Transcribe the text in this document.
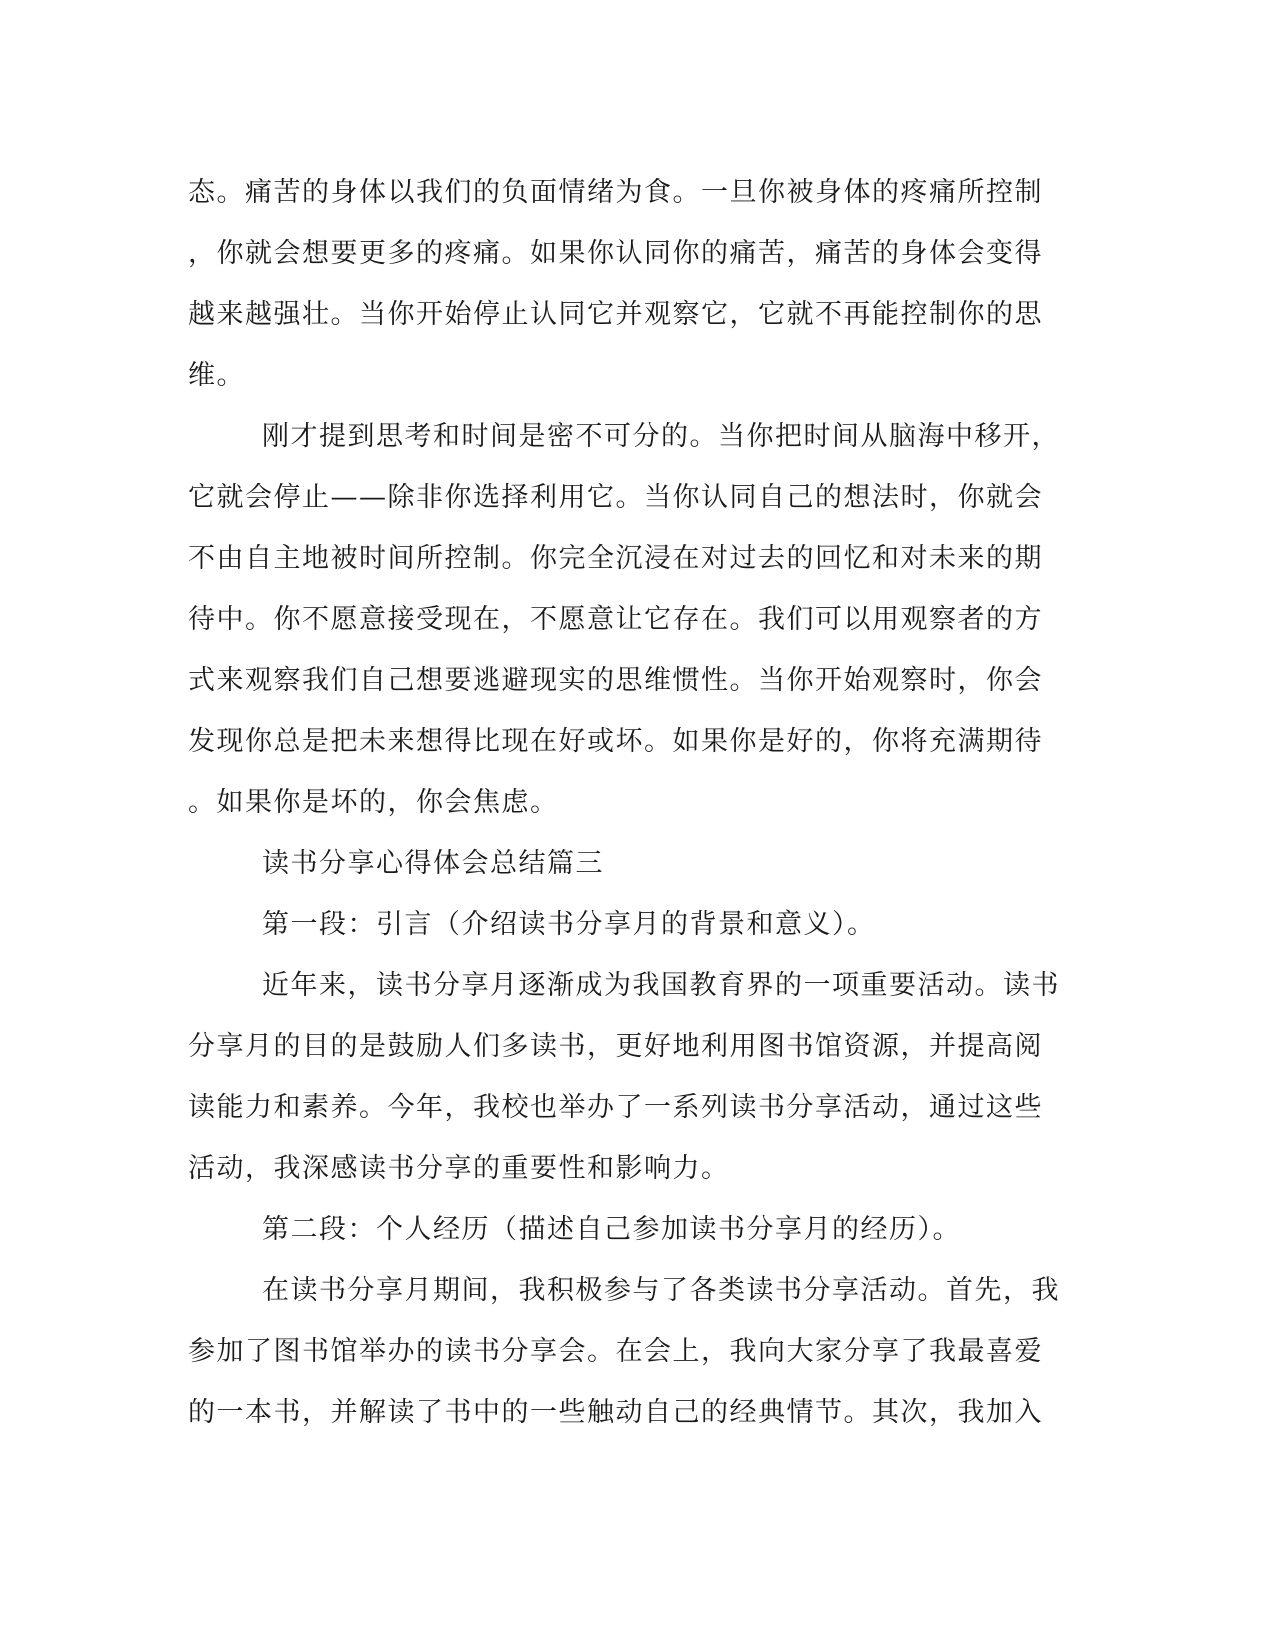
态。痛苦的身体以我们的负面情绪为食。一旦你被身体的疼痛所控制
，你就会想要更多的疼痛。如果你认同你的痛苦，痛苦的身体会变得
越来越强壮。当你开始停止认同它并观察它，它就不再能控制你的思
维。
刚才提到思考和时间是密不可分的。当你把时间从脑海中移开，
它就会停止——除非你选择利用它。当你认同自己的想法时，你就会
不由自主地被时间所控制。你完全沉浸在对过去的回忆和对未来的期
待中。你不愿意接受现在，不愿意让它存在。我们可以用观察者的方
式来观察我们自己想要逃避现实的思维惯性。当你开始观察时，你会
发现你总是把未来想得比现在好或坏。如果你是好的，你将充满期待
。如果你是坏的，你会焦虑。
读书分享心得体会总结篇三
第一段：引言（介绍读书分享月的背景和意义）。
近年来，读书分享月逐渐成为我国教育界的一项重要活动。读书
分享月的目的是鼓励人们多读书，更好地利用图书馆资源，并提高阅
读能力和素养。今年，我校也举办了一系列读书分享活动，通过这些
活动，我深感读书分享的重要性和影响力。
第二段：个人经历（描述自己参加读书分享月的经历）。
在读书分享月期间，我积极参与了各类读书分享活动。首先，我
参加了图书馆举办的读书分享会。在会上，我向大家分享了我最喜爱
的一本书，并解读了书中的一些触动自己的经典情节。其次，我加入
